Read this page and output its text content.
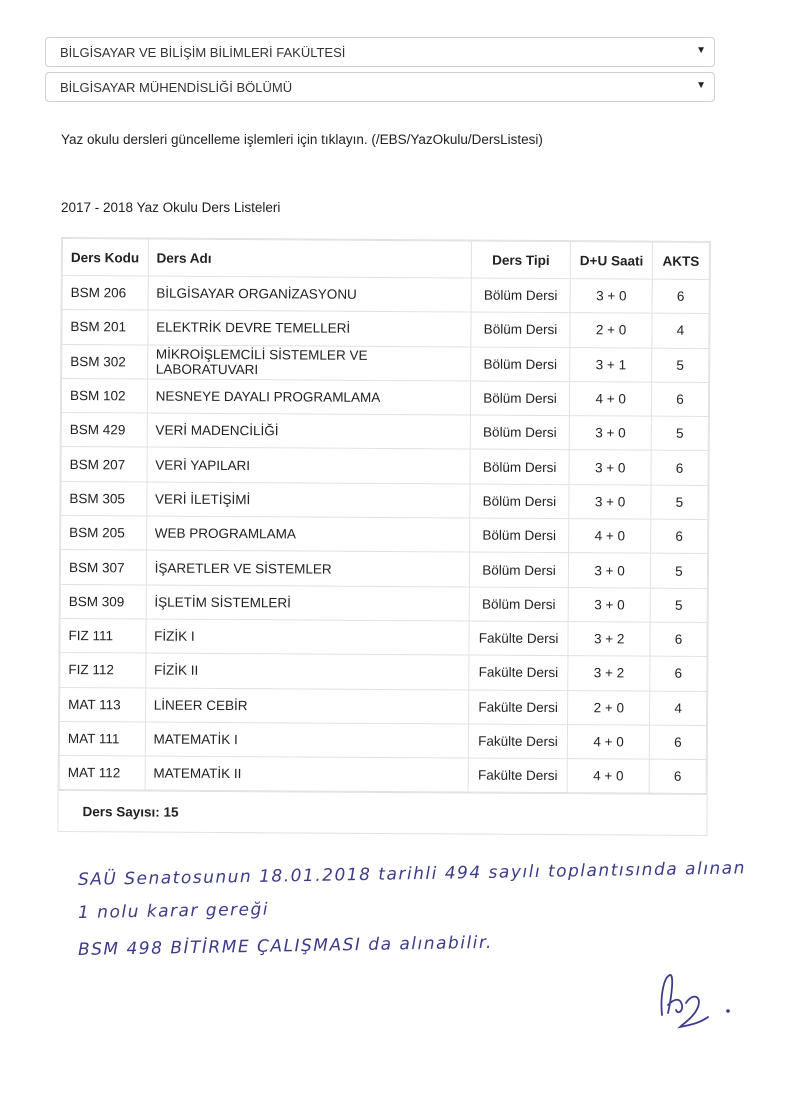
BİLGİSAYAR VE BİLİŞİM BİLİMLERİ FAKÜLTESİ	▼
BİLGİSAYAR MÜHENDİSLİĞİ BÖLÜMÜ	▼
Yaz okulu dersleri güncelleme işlemleri için tıklayın. (/EBS/YazOkulu/DersListesi)
2017 - 2018 Yaz Okulu Ders Listeleri
Ders Kodu	Ders Adı	Ders Tipi	D+U Saati	AKTS
BSM 206	BİLGİSAYAR ORGANİZASYONU	Bölüm Dersi	3 + 0	6
BSM 201	ELEKTRİK DEVRE TEMELLERİ	Bölüm Dersi	2 + 0	4
BSM 302	MİKROİŞLEMCİLİ SİSTEMLER VE LABORATUVARI	Bölüm Dersi	3 + 1	5
BSM 102	NESNEYE DAYALI PROGRAMLAMA	Bölüm Dersi	4 + 0	6
BSM 429	VERİ MADENCİLİĞİ	Bölüm Dersi	3 + 0	5
BSM 207	VERİ YAPILARI	Bölüm Dersi	3 + 0	6
BSM 305	VERİ İLETİŞİMİ	Bölüm Dersi	3 + 0	5
BSM 205	WEB PROGRAMLAMA	Bölüm Dersi	4 + 0	6
BSM 307	İŞARETLER VE SİSTEMLER	Bölüm Dersi	3 + 0	5
BSM 309	İŞLETİM SİSTEMLERİ	Bölüm Dersi	3 + 0	5
FIZ 111	FİZİK I	Fakülte Dersi	3 + 2	6
FIZ 112	FİZİK II	Fakülte Dersi	3 + 2	6
MAT 113	LİNEER CEBİR	Fakülte Dersi	2 + 0	4
MAT 111	MATEMATİK I	Fakülte Dersi	4 + 0	6
MAT 112	MATEMATİK II	Fakülte Dersi	4 + 0	6
Ders Sayısı: 15
SAÜ Senatosunun 18.01.2018 tarihli 494 sayılı toplantısında alınan
1 nolu karar gereği
BSM 498 BİTİRME ÇALIŞMASI da alınabilir.
